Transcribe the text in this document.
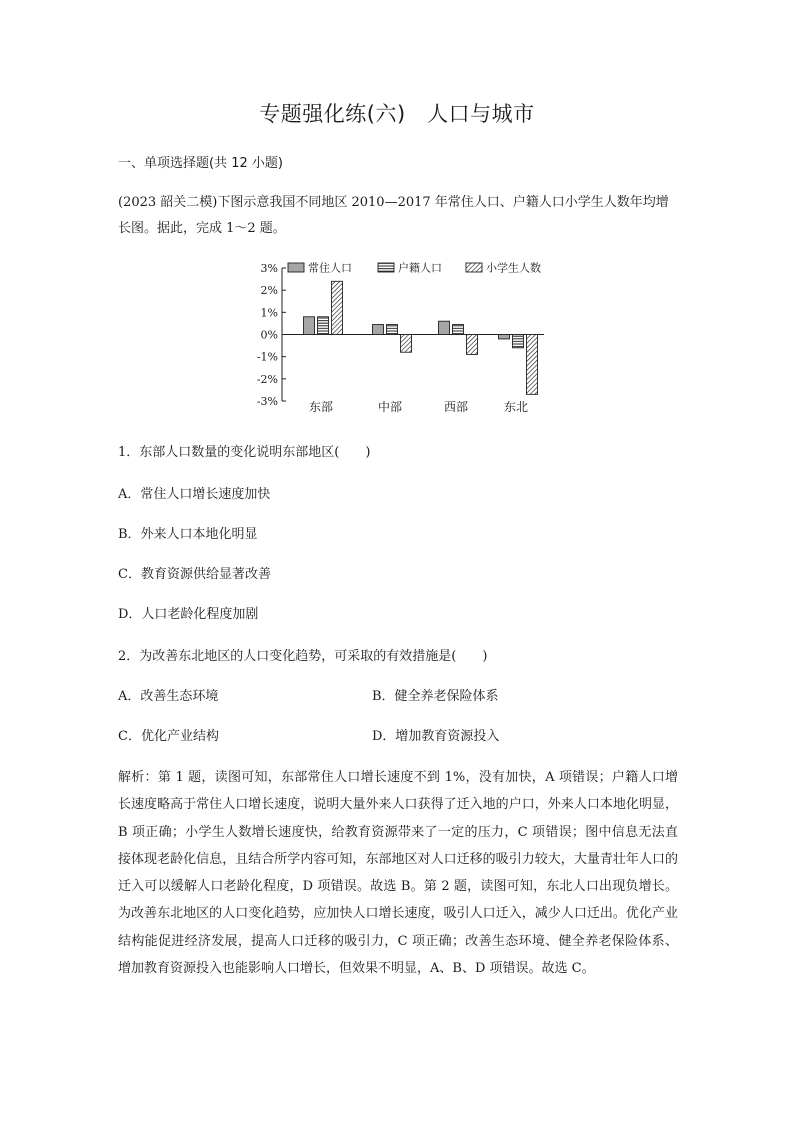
专题强化练(六)　人口与城市
一、单项选择题(共 12 小题)
(2023 韶关二模)下图示意我国不同地区 2010—2017 年常住人口、户籍人口小学生人数年均增长图。据此，完成 1～2 题。
3%
2%
1%
0%
-1%
-2%
-3%
常住人口	户籍人口	小学生人数
东部	中部	西部	东北
1．东部人口数量的变化说明东部地区(　　)
A．常住人口增长速度加快
B．外来人口本地化明显
C．教育资源供给显著改善
D．人口老龄化程度加剧
2．为改善东北地区的人口变化趋势，可采取的有效措施是(　　)
A．改善生态环境	B．健全养老保险体系
C．优化产业结构	D．增加教育资源投入
解析：第 1 题，读图可知，东部常住人口增长速度不到 1%，没有加快，A 项错误；户籍人口增长速度略高于常住人口增长速度，说明大量外来人口获得了迁入地的户口，外来人口本地化明显，B 项正确；小学生人数增长速度快，给教育资源带来了一定的压力，C 项错误；图中信息无法直接体现老龄化信息，且结合所学内容可知，东部地区对人口迁移的吸引力较大，大量青壮年人口的迁入可以缓解人口老龄化程度，D 项错误。故选 B。第 2 题，读图可知，东北人口出现负增长。为改善东北地区的人口变化趋势，应加快人口增长速度，吸引人口迁入，减少人口迁出。优化产业结构能促进经济发展，提高人口迁移的吸引力，C 项正确；改善生态环境、健全养老保险体系、增加教育资源投入也能影响人口增长，但效果不明显，A、B、D 项错误。故选 C。
